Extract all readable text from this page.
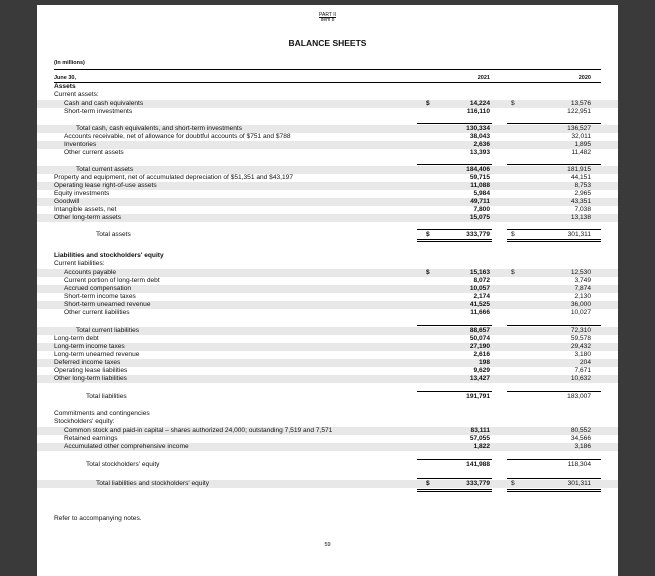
PART II
Item 8
BALANCE SHEETS
(In millions)
June 30,	2021	2020
Assets
Current assets:
Cash and cash equivalents	$	14,224	$	13,576
Short-term investments	116,110	122,951
Total cash, cash equivalents, and short-term investments	130,334	136,527
Accounts receivable, net of allowance for doubtful accounts of $751 and $788	38,043	32,011
Inventories	2,636	1,895
Other current assets	13,393	11,482
Total current assets	184,406	181,915
Property and equipment, net of accumulated depreciation of $51,351 and $43,197	59,715	44,151
Operating lease right-of-use assets	11,088	8,753
Equity investments	5,984	2,965
Goodwill	49,711	43,351
Intangible assets, net	7,800	7,038
Other long-term assets	15,075	13,138
Total assets	$	333,779	$	301,311
Liabilities and stockholders' equity
Current liabilities:
Accounts payable	$	15,163	$	12,530
Current portion of long-term debt	8,072	3,749
Accrued compensation	10,057	7,874
Short-term income taxes	2,174	2,130
Short-term unearned revenue	41,525	36,000
Other current liabilities	11,666	10,027
Total current liabilities	88,657	72,310
Long-term debt	50,074	59,578
Long-term income taxes	27,190	29,432
Long-term unearned revenue	2,616	3,180
Deferred income taxes	198	204
Operating lease liabilities	9,629	7,671
Other long-term liabilities	13,427	10,632
Total liabilities	191,791	183,007
Commitments and contingencies
Stockholders' equity:
Common stock and paid-in capital – shares authorized 24,000; outstanding 7,519 and 7,571	83,111	80,552
Retained earnings	57,055	34,566
Accumulated other comprehensive income	1,822	3,186
Total stockholders' equity	141,988	118,304
Total liabilities and stockholders' equity	$	333,779	$	301,311
Refer to accompanying notes.
59
